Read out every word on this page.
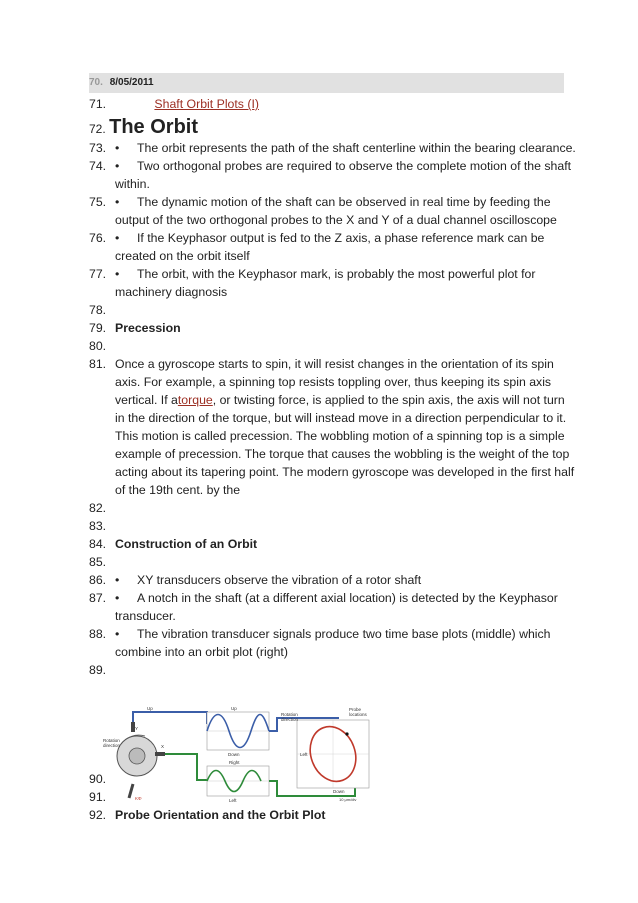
70. 8/05/2011
71.	Shaft Orbit Plots (I)
72. The Orbit
73. • The orbit represents the path of the shaft centerline within the bearing clearance.
74. • Two orthogonal probes are required to observe the complete motion of the shaft
within.
75. • The dynamic motion of the shaft can be observed in real time by feeding the
output of the two orthogonal probes to the X and Y of a dual channel oscilloscope
76. • If the Keyphasor output is fed to the Z axis, a phase reference mark can be
created on the orbit itself
77. • The orbit, with the Keyphasor mark, is probably the most powerful plot for
machinery diagnosis
78.
79. Precession
80.
81. Once a gyroscope starts to spin, it will resist changes in the orientation of its spin
axis. For example, a spinning top resists toppling over, thus keeping its spin axis
vertical. If atorque, or twisting force, is applied to the spin axis, the axis will not turn
in the direction of the torque, but will instead move in a direction perpendicular to it.
This motion is called precession. The wobbling motion of a spinning top is a simple
example of precession. The torque that causes the wobbling is the weight of the top
acting about its tapering point. The modern gyroscope was developed in the first half
of the 19th cent. by the
82.
83.
84. Construction of an Orbit
85.
86. • XY transducers observe the vibration of a rotor shaft
87. • A notch in the shaft (at a different axial location) is detected by the Keyphasor
transducer.
88. • The vibration transducer signals produce two time base plots (middle) which
combine into an orbit plot (right)
89.
Rotation
direction
Y
X
KΦ
Up	Up
Down
Right
Left
Rotation
direction
Probe
locations
Down
10 μm/div
Left
90.
91.
92. Probe Orientation and the Orbit Plot
